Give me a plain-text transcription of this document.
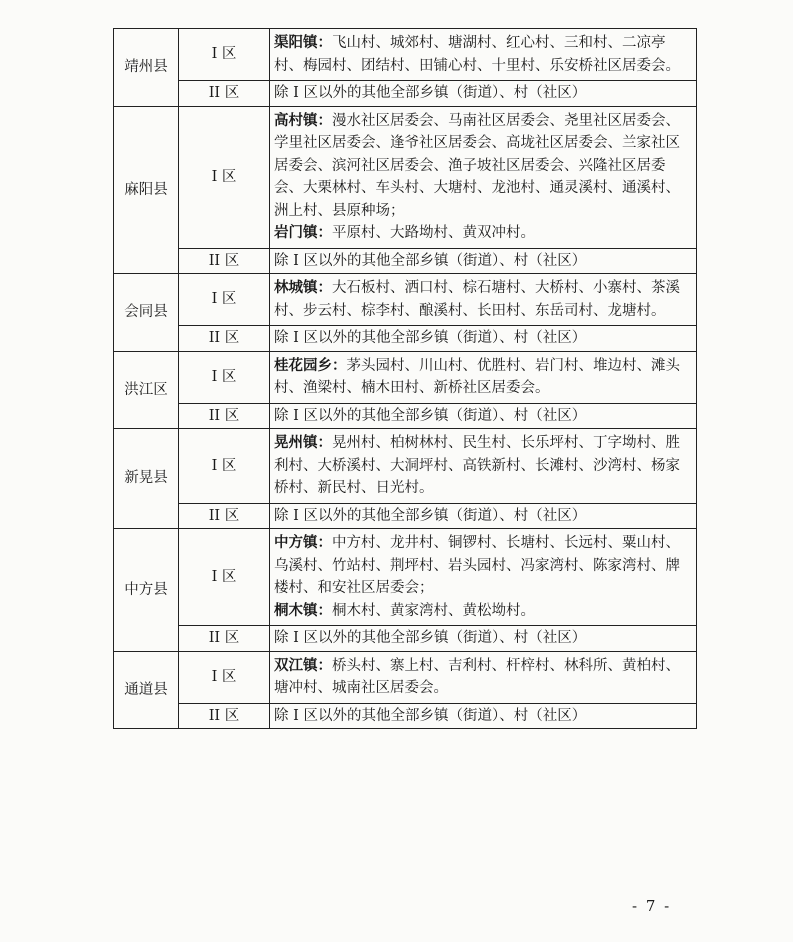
靖州县	I 区	渠阳镇：飞山村、城郊村、塘湖村、红心村、三和村、二凉亭村、梅园村、团结村、田铺心村、十里村、乐安桥社区居委会。

	II 区	除 I 区以外的其他全部乡镇（街道）、村（社区）
麻阳县	I 区	高村镇：漫水社区居委会、马南社区居委会、尧里社区居委会、学里社区居委会、逢爷社区居委会、高垅社区居委会、兰家社区居委会、滨河社区居委会、渔子坡社区居委会、兴隆社区居委会、大栗林村、车头村、大塘村、龙池村、通灵溪村、通溪村、洲上村、县原种场；
岩门镇：平原村、大路坳村、黄双冲村。

	II 区	除 I 区以外的其他全部乡镇（街道）、村（社区）
会同县	I 区	林城镇：大石板村、洒口村、棕石塘村、大桥村、小寨村、茶溪村、步云村、棕李村、酿溪村、长田村、东岳司村、龙塘村。

	II 区	除 I 区以外的其他全部乡镇（街道）、村（社区）
洪江区	I 区	桂花园乡：茅头园村、川山村、优胜村、岩门村、堆边村、滩头村、渔梁村、楠木田村、新桥社区居委会。

	II 区	除 I 区以外的其他全部乡镇（街道）、村（社区）
新晃县	I 区	晃州镇：晃州村、柏树林村、民生村、长乐坪村、丁字坳村、胜利村、大桥溪村、大洞坪村、高铁新村、长滩村、沙湾村、杨家桥村、新民村、日光村。

	II 区	除 I 区以外的其他全部乡镇（街道）、村（社区）
中方县	I 区	中方镇：中方村、龙井村、铜锣村、长塘村、长远村、粟山村、乌溪村、竹站村、荆坪村、岩头园村、冯家湾村、陈家湾村、牌楼村、和安社区居委会；
桐木镇：桐木村、黄家湾村、黄松坳村。

	II 区	除 I 区以外的其他全部乡镇（街道）、村（社区）
通道县	I 区	双江镇：桥头村、寨上村、吉利村、杆梓村、林科所、黄柏村、塘冲村、城南社区居委会。

	II 区	除 I 区以外的其他全部乡镇（街道）、村（社区）
- 7 -
